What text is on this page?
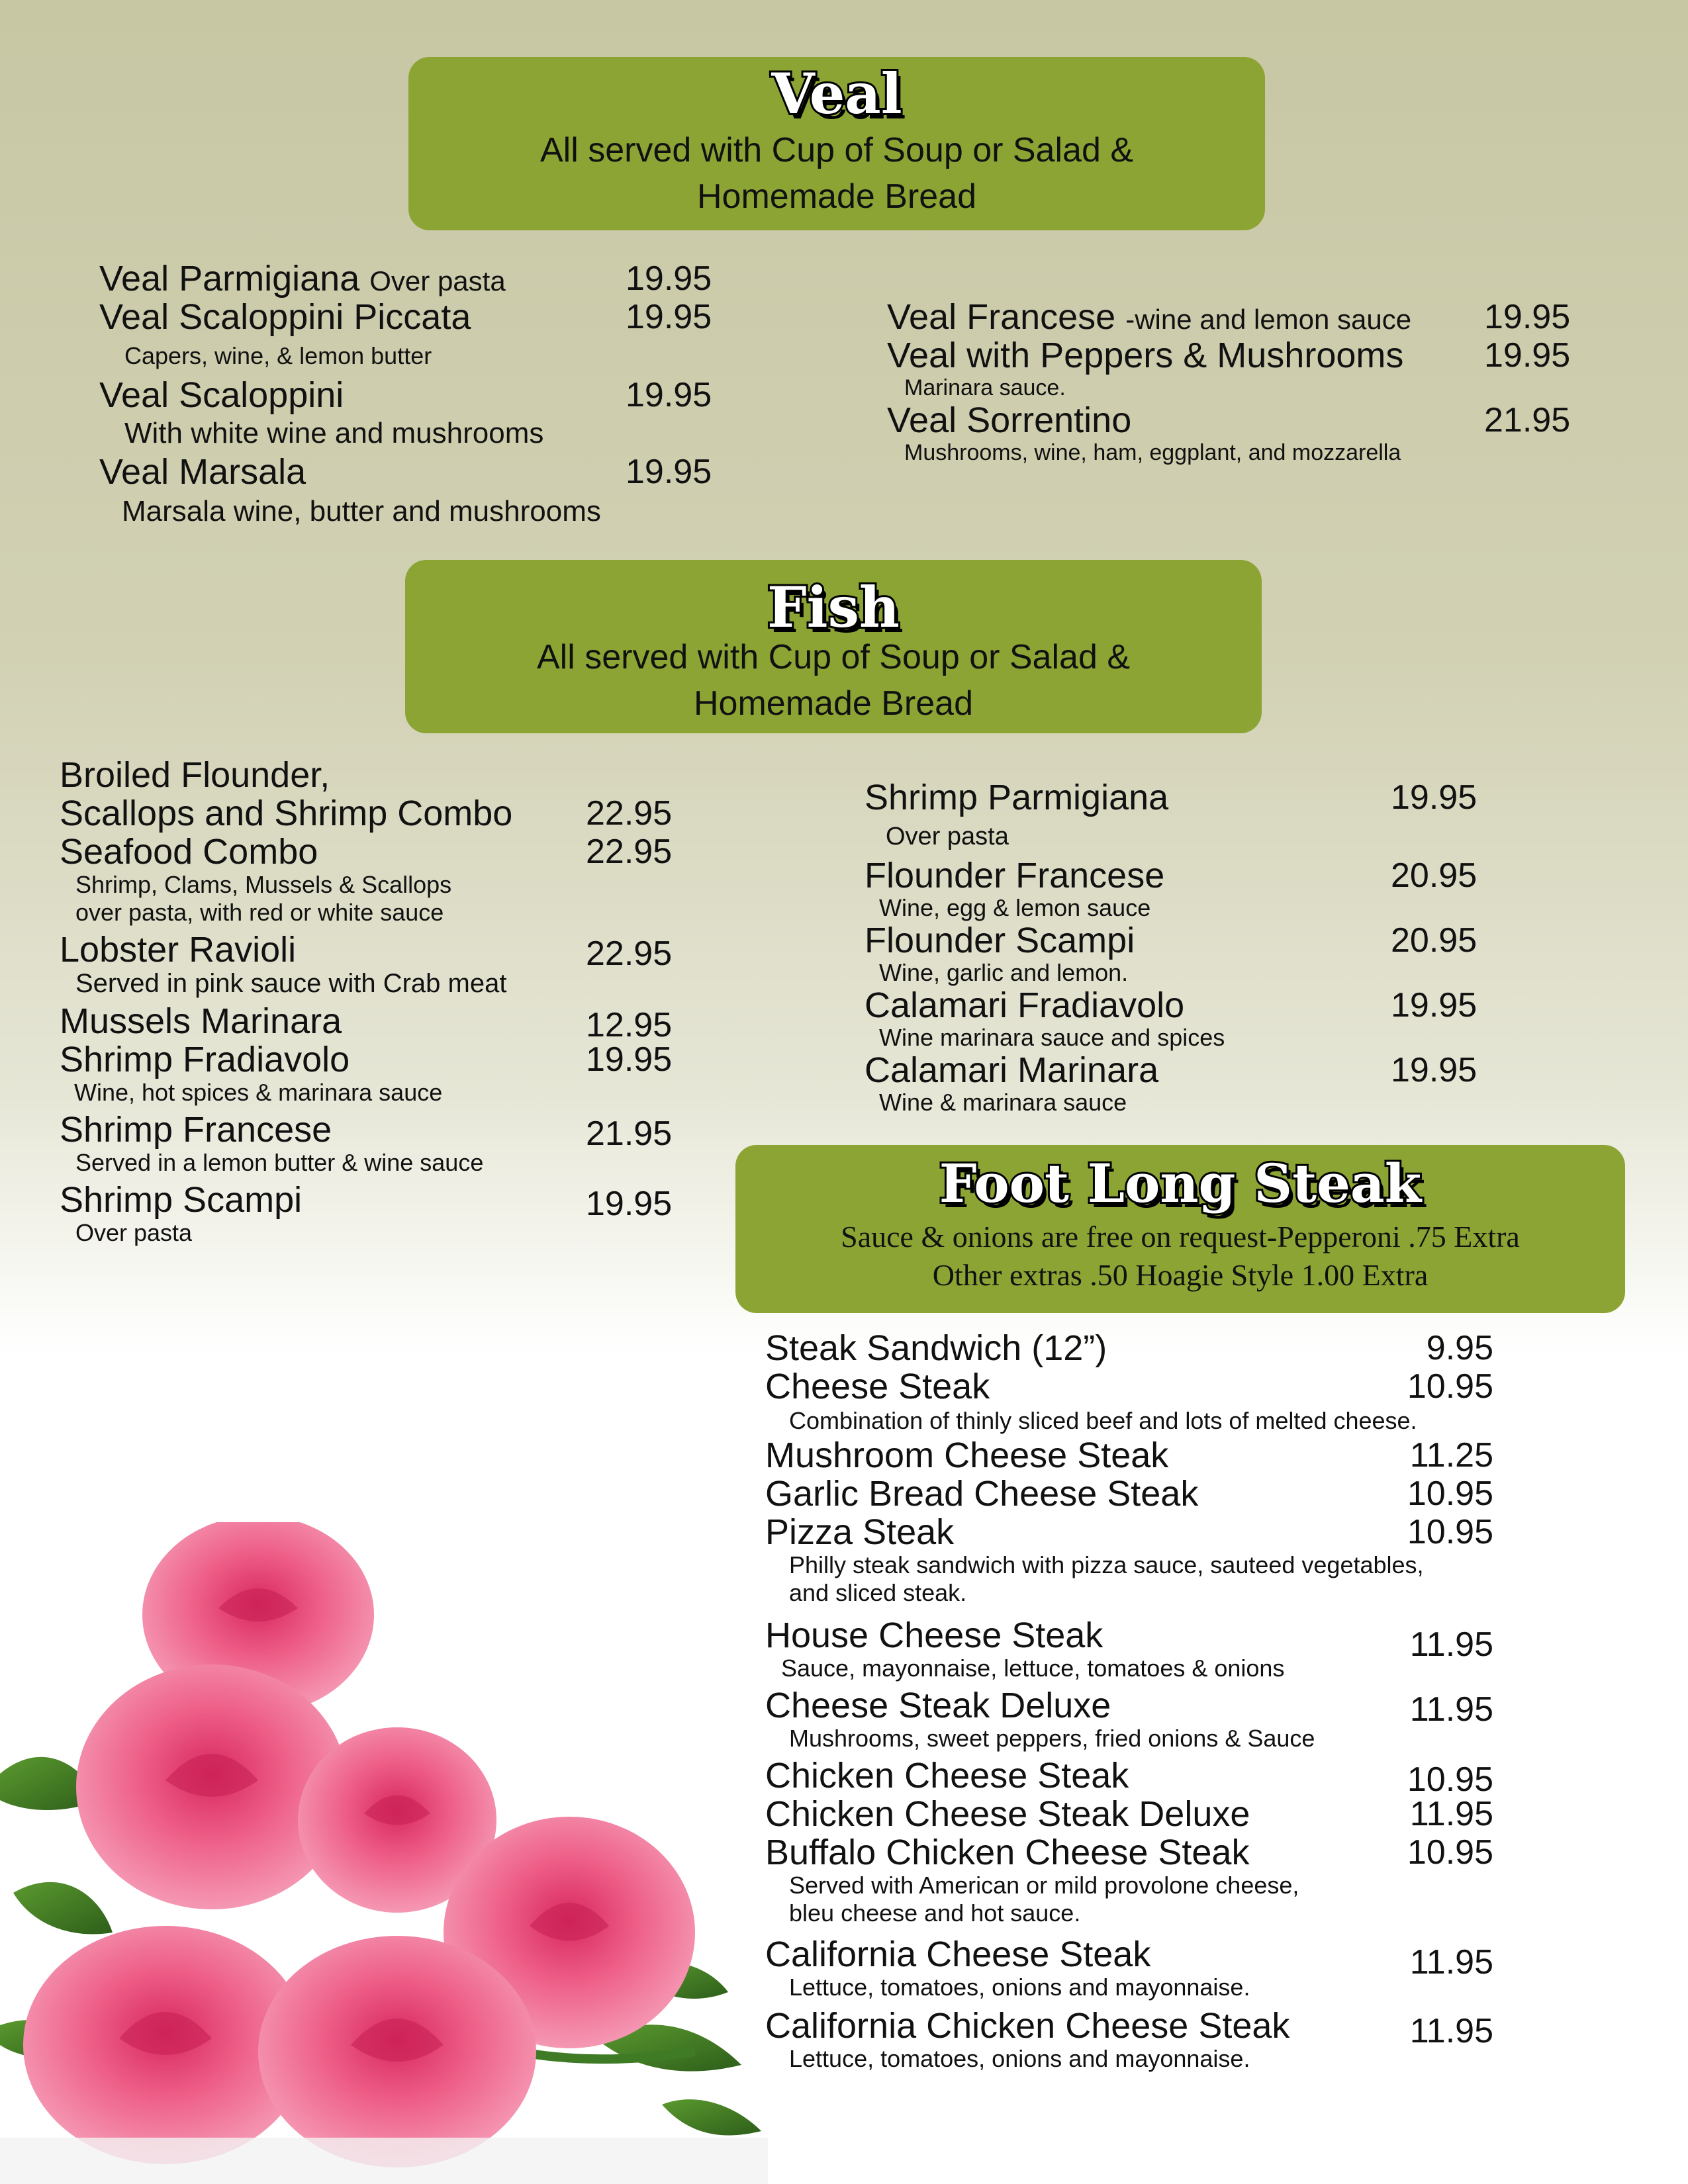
Veal
All served with Cup of Soup or Salad &
Homemade Bread
Veal Parmigiana Over pasta	19.95
Veal Scaloppini Piccata	19.95
Capers, wine, & lemon butter
Veal Scaloppini	19.95
With white wine and mushrooms
Veal Marsala	19.95
Marsala wine, butter and mushrooms
Veal Francese -wine and lemon sauce 19.95
Veal with Peppers & Mushrooms	19.95
Marinara sauce.
Veal Sorrentino	21.95
Mushrooms, wine, ham, eggplant, and mozzarella
Fish
All served with Cup of Soup or Salad &
Homemade Bread
Broiled Flounder,
Scallops and Shrimp Combo	22.95
Seafood Combo	22.95
Shrimp, Clams, Mussels & Scallops
over pasta, with red or white sauce
Lobster Ravioli	22.95
Served in pink sauce with Crab meat
Mussels Marinara	12.95
Shrimp Fradiavolo	19.95
Wine, hot spices & marinara sauce
Shrimp Francese	21.95
Served in a lemon butter & wine sauce
Shrimp Scampi	19.95
Over pasta
Shrimp Parmigiana	19.95
Over pasta
Flounder Francese	20.95
Wine, egg & lemon sauce
Flounder Scampi	20.95
Wine, garlic and lemon.
Calamari Fradiavolo	19.95
Wine marinara sauce and spices
Calamari Marinara	19.95
Wine & marinara sauce
Foot Long Steak
Sauce & onions are free on request-Pepperoni .75 Extra
Other extras .50 Hoagie Style 1.00 Extra
Steak Sandwich (12”)	9.95
Cheese Steak	10.95
Combination of thinly sliced beef and lots of melted cheese.
Mushroom Cheese Steak	11.25
Garlic Bread Cheese Steak	10.95
Pizza Steak	10.95
Philly steak sandwich with pizza sauce, sauteed vegetables,
and sliced steak.
House Cheese Steak	11.95
Sauce, mayonnaise, lettuce, tomatoes & onions
Cheese Steak Deluxe	11.95
Mushrooms, sweet peppers, fried onions & Sauce
Chicken Cheese Steak	10.95
Chicken Cheese Steak Deluxe	11.95
Buffalo Chicken Cheese Steak	10.95
Served with American or mild provolone cheese,
bleu cheese and hot sauce.
California Cheese Steak	11.95
Lettuce, tomatoes, onions and mayonnaise.
California Chicken Cheese Steak	11.95
Lettuce, tomatoes, onions and mayonnaise.
